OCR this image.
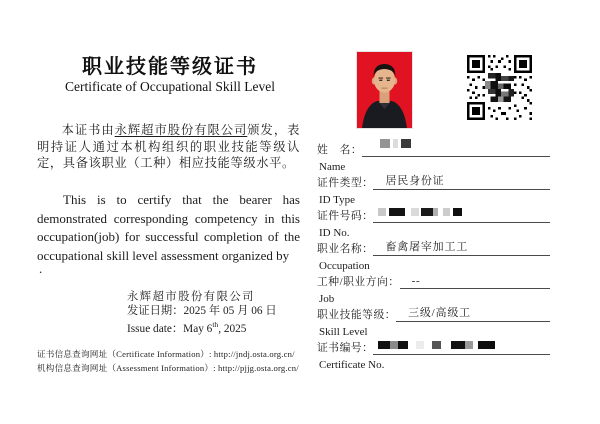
职业技能等级证书
Certificate of Occupational Skill Level

本证书由永辉超市股份有限公司颁发，表明持证人通过本机构组织的职业技能等级认定，具备该职业（工种）相应技能等级水平。

This is to certify that the bearer has demonstrated corresponding competency in this occupation(job) for successful completion of the occupational skill level assessment organized by

.
永辉超市股份有限公司
发证日期：2025 年 05 月 06 日
Issue date：May 6th, 2025
证书信息查询网址（Certificate Information）: http://jndj.osta.org.cn/
机构信息查询网址（Assessment Information）: http://pjjg.osta.org.cn/
姓　名：
Name
证件类型： 居民身份证
ID Type
证件号码：
ID No.
职业名称： 畜禽屠宰加工工
Occupation
工种/职业方向： --
Job
职业技能等级： 三级/高级工
Skill Level
证书编号：
Certificate No.
